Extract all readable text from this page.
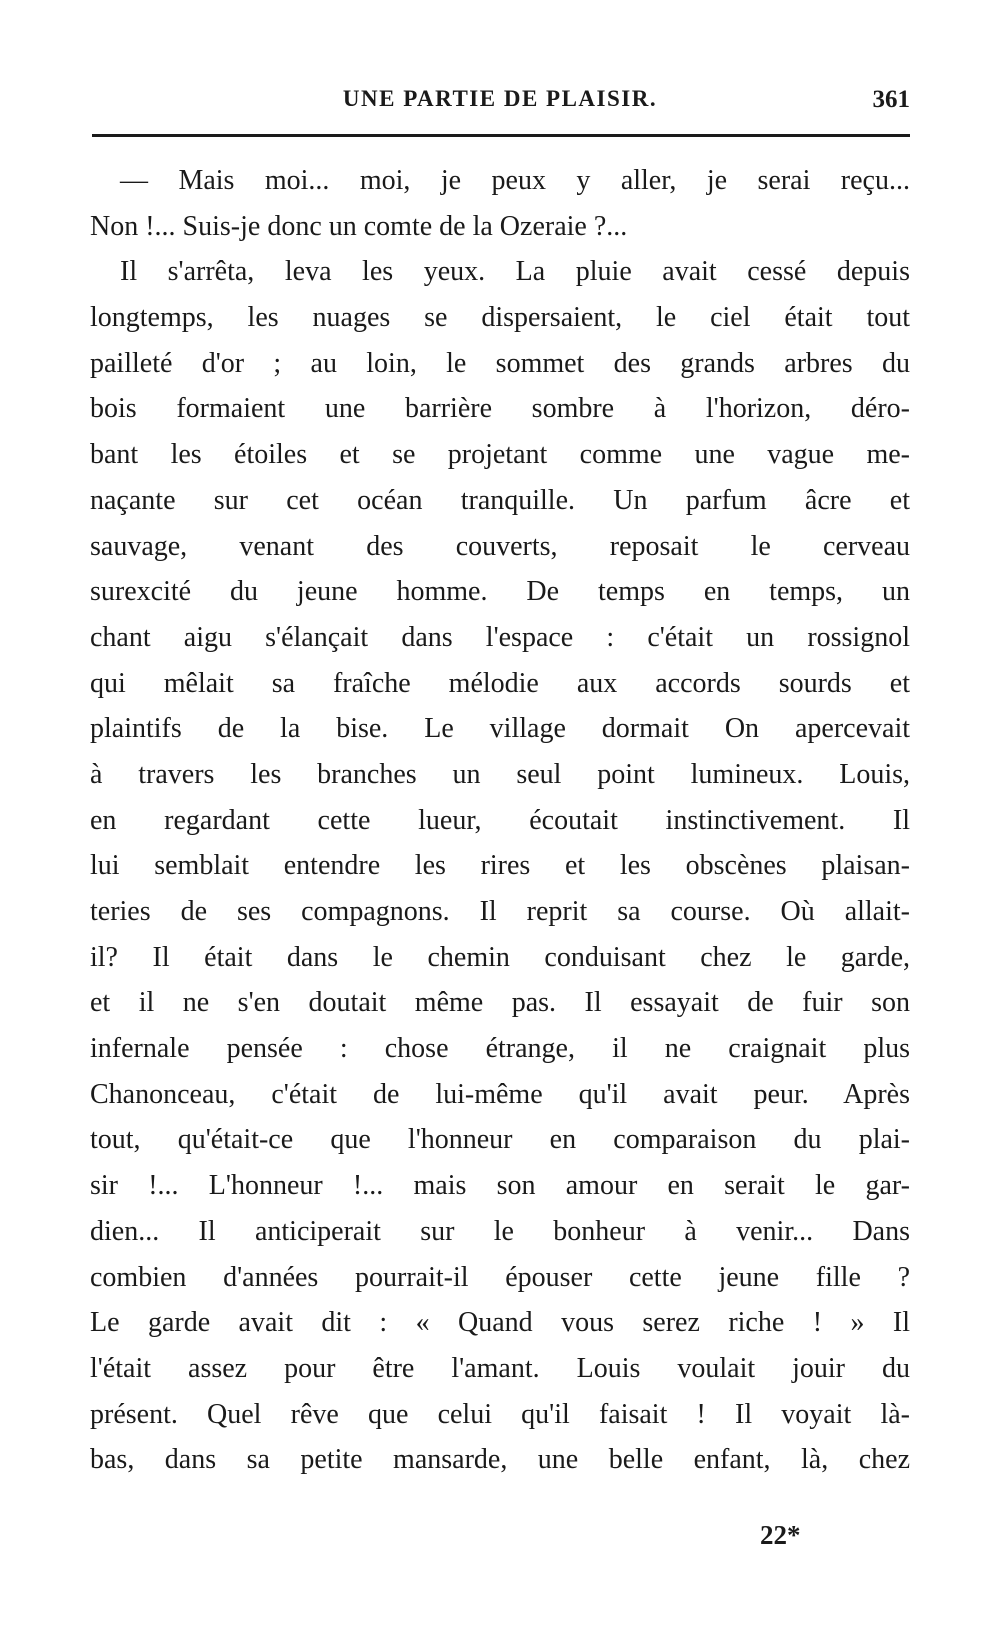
UNE PARTIE DE PLAISIR.	361
— Mais moi... moi, je peux y aller, je serai reçu...
Non !... Suis-je donc un comte de la Ozeraie ?...
Il s'arrêta, leva les yeux. La pluie avait cessé depuis
longtemps, les nuages se dispersaient, le ciel était tout
pailleté d'or ; au loin, le sommet des grands arbres du
bois formaient une barrière sombre à l'horizon, déro-
bant les étoiles et se projetant comme une vague me-
naçante sur cet océan tranquille. Un parfum âcre et
sauvage, venant des couverts, reposait le cerveau
surexcité du jeune homme. De temps en temps, un
chant aigu s'élançait dans l'espace : c'était un rossignol
qui mêlait sa fraîche mélodie aux accords sourds et
plaintifs de la bise. Le village dormait On apercevait
à travers les branches un seul point lumineux. Louis,
en regardant cette lueur, écoutait instinctivement. Il
lui semblait entendre les rires et les obscènes plaisan-
teries de ses compagnons. Il reprit sa course. Où allait-
il? Il était dans le chemin conduisant chez le garde,
et il ne s'en doutait même pas. Il essayait de fuir son
infernale pensée : chose étrange, il ne craignait plus
Chanonceau, c'était de lui-même qu'il avait peur. Après
tout, qu'était-ce que l'honneur en comparaison du plai-
sir !... L'honneur !... mais son amour en serait le gar-
dien... Il anticiperait sur le bonheur à venir... Dans
combien d'années pourrait-il épouser cette jeune fille ?
Le garde avait dit : « Quand vous serez riche ! » Il
l'était assez pour être l'amant. Louis voulait jouir du
présent. Quel rêve que celui qu'il faisait ! Il voyait là-
bas, dans sa petite mansarde, une belle enfant, là, chez
22*
